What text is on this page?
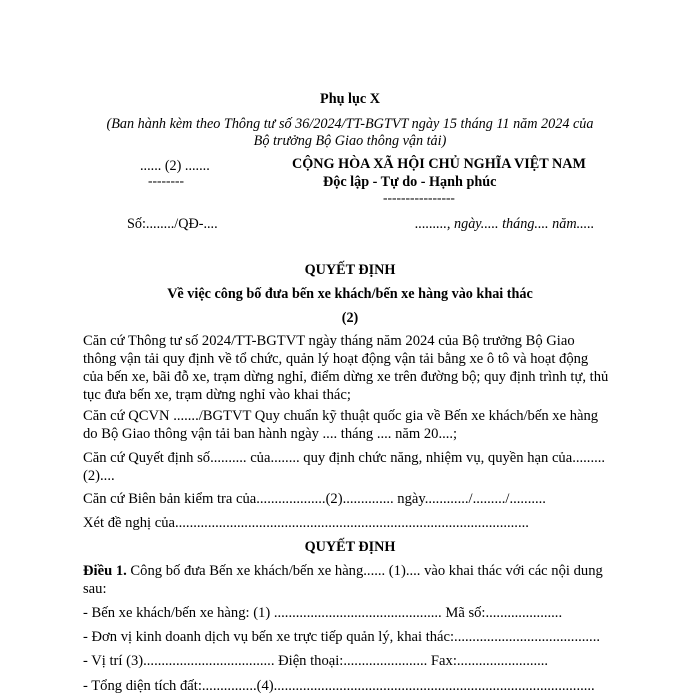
Phụ lục X
(Ban hành kèm theo Thông tư số 36/2024/TT-BGTVT ngày 15 tháng 11 năm 2024 của
Bộ trưởng Bộ Giao thông vận tải)
...... (2) .......
--------
CỘNG HÒA XÃ HỘI CHỦ NGHĨA VIỆT NAM
Độc lập - Tự do - Hạnh phúc
----------------
Số:......../QĐ-....	........., ngày..... tháng.... năm.....
QUYẾT ĐỊNH
Về việc công bố đưa bến xe khách/bến xe hàng vào khai thác
(2)
Căn cứ Thông tư số 2024/TT-BGTVT ngày tháng năm 2024 của Bộ trưởng Bộ Giao
thông vận tải quy định về tổ chức, quản lý hoạt động vận tải bằng xe ô tô và hoạt động
của bến xe, bãi đỗ xe, trạm dừng nghỉ, điểm dừng xe trên đường bộ; quy định trình tự, thủ
tục đưa bến xe, trạm dừng nghỉ vào khai thác;
Căn cứ QCVN ......./BGTVT Quy chuẩn kỹ thuật quốc gia về Bến xe khách/bến xe hàng
do Bộ Giao thông vận tải ban hành ngày .... tháng .... năm 20....;
Căn cứ Quyết định số.......... của........ quy định chức năng, nhiệm vụ, quyền hạn của.........
(2)....
Căn cứ Biên bản kiểm tra của...................(2).............. ngày............/........./..........
Xét đề nghị của.................................................................................................
QUYẾT ĐỊNH
Điều 1. Công bố đưa Bến xe khách/bến xe hàng...... (1).... vào khai thác với các nội dung
sau:
- Bến xe khách/bến xe hàng: (1) .............................................. Mã số:.....................
- Đơn vị kinh doanh dịch vụ bến xe trực tiếp quản lý, khai thác:........................................
- Vị trí (3).................................... Điện thoại:....................... Fax:.........................
- Tổng diện tích đất:...............(4)........................................................................................
